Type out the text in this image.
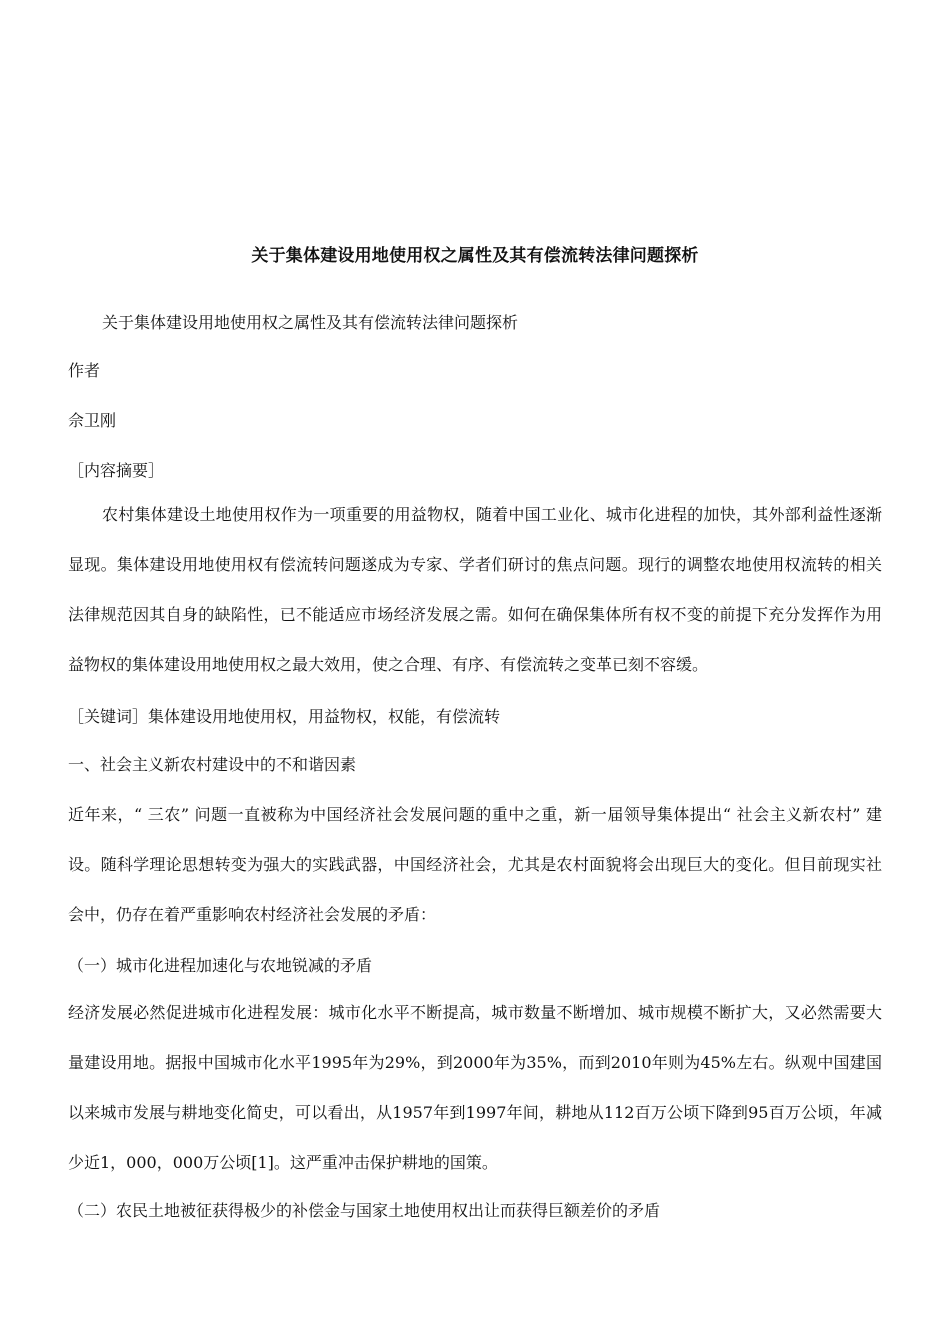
关于集体建设用地使用权之属性及其有偿流转法律问题探析
关于集体建设用地使用权之属性及其有偿流转法律问题探析
作者
佘卫刚
［内容摘要］
农村集体建设土地使用权作为一项重要的用益物权，随着中国工业化、城市化进程的加快，其外部利益性逐渐显现。集体建设用地使用权有偿流转问题遂成为专家、学者们研讨的焦点问题。现行的调整农地使用权流转的相关法律规范因其自身的缺陷性，已不能适应市场经济发展之需。如何在确保集体所有权不变的前提下充分发挥作为用益物权的集体建设用地使用权之最大效用，使之合理、有序、有偿流转之变革已刻不容缓。
［关键词］集体建设用地使用权，用益物权，权能，有偿流转
一、社会主义新农村建设中的不和谐因素
近年来，“ 三农” 问题一直被称为中国经济社会发展问题的重中之重，新一届领导集体提出“ 社会主义新农村” 建设。随科学理论思想转变为强大的实践武器，中国经济社会，尤其是农村面貌将会出现巨大的变化。但目前现实社会中，仍存在着严重影响农村经济社会发展的矛盾：
（一）城市化进程加速化与农地锐减的矛盾
经济发展必然促进城市化进程发展：城市化水平不断提高，城市数量不断增加、城市规模不断扩大，又必然需要大量建设用地。据报中国城市化水平1995年为29%，到2000年为35%，而到2010年则为45%左右。纵观中国建国以来城市发展与耕地变化简史，可以看出，从1957年到1997年间，耕地从112百万公顷下降到95百万公顷，年减少近1，000，000万公顷[1]。这严重冲击保护耕地的国策。
（二）农民土地被征获得极少的补偿金与国家土地使用权出让而获得巨额差价的矛盾
